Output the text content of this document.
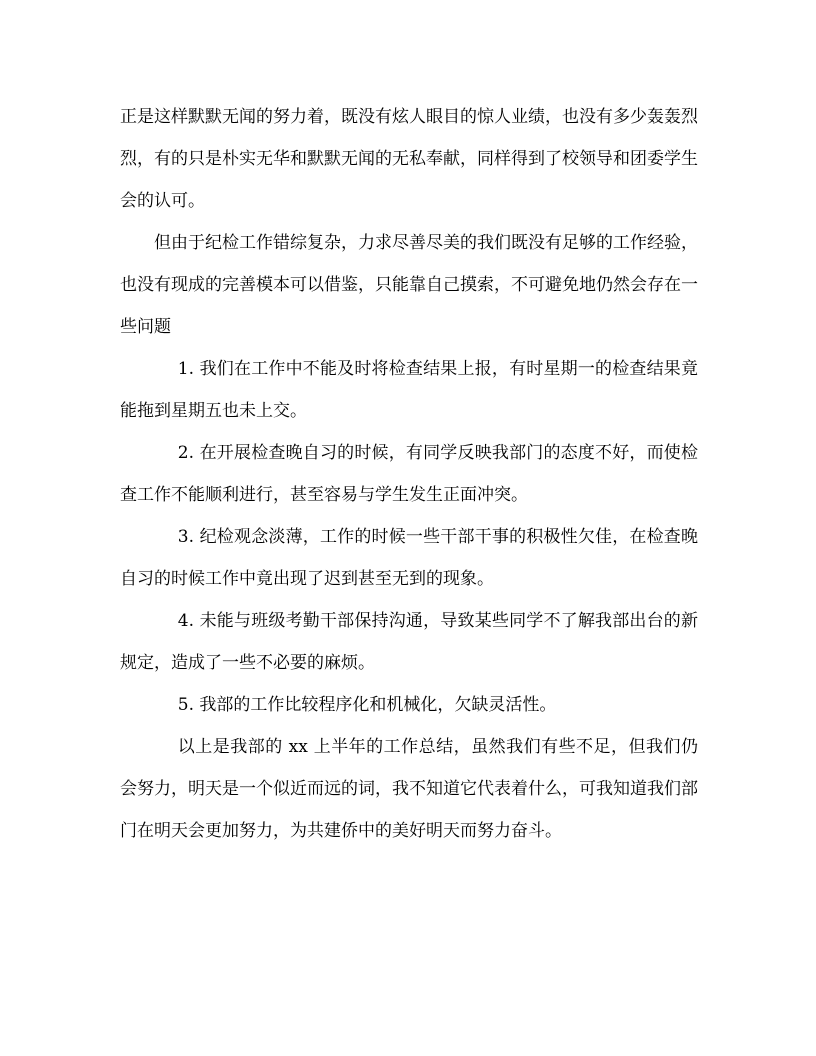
正是这样默默无闻的努力着，既没有炫人眼目的惊人业绩，也没有多少轰轰烈烈，有的只是朴实无华和默默无闻的无私奉献，同样得到了校领导和团委学生会的认可。

但由于纪检工作错综复杂，力求尽善尽美的我们既没有足够的工作经验，也没有现成的完善模本可以借鉴，只能靠自己摸索，不可避免地仍然会存在一些问题

1. 我们在工作中不能及时将检查结果上报，有时星期一的检查结果竟能拖到星期五也未上交。

2. 在开展检查晚自习的时候，有同学反映我部门的态度不好，而使检查工作不能顺利进行，甚至容易与学生发生正面冲突。

3. 纪检观念淡薄，工作的时候一些干部干事的积极性欠佳，在检查晚自习的时候工作中竟出现了迟到甚至无到的现象。

4. 未能与班级考勤干部保持沟通，导致某些同学不了解我部出台的新规定，造成了一些不必要的麻烦。

5. 我部的工作比较程序化和机械化，欠缺灵活性。

以上是我部的 xx 上半年的工作总结，虽然我们有些不足，但我们仍会努力，明天是一个似近而远的词，我不知道它代表着什么，可我知道我们部门在明天会更加努力，为共建侨中的美好明天而努力奋斗。
